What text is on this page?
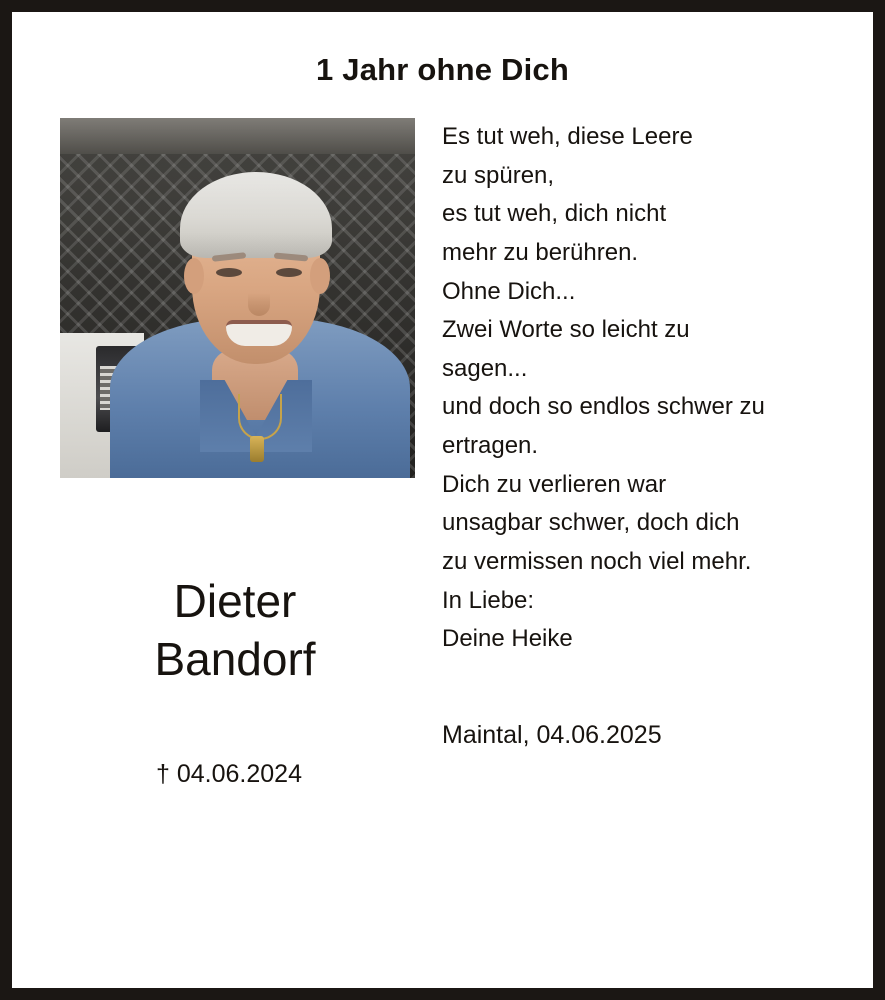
1 Jahr ohne Dich
Dieter
Bandorf
† 04.06.2024
Es tut weh, diese Leere
zu spüren,
es tut weh, dich nicht
mehr zu berühren.
Ohne Dich...
Zwei Worte so leicht zu
sagen...
und doch so endlos schwer zu
ertragen.
Dich zu verlieren war
unsagbar schwer, doch dich
zu vermissen noch viel mehr.
In Liebe:
Deine Heike
Maintal, 04.06.2025
